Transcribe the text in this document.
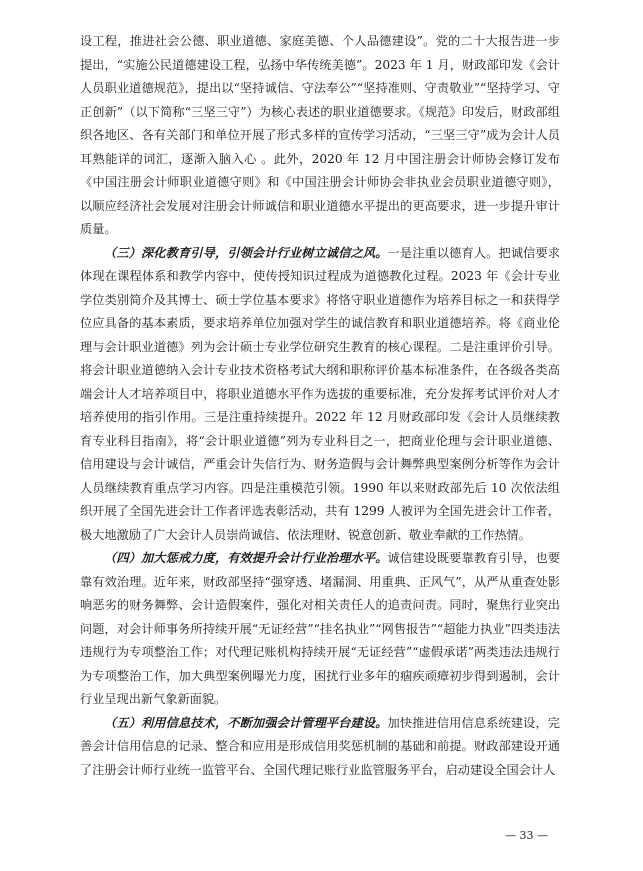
设工程，推进社会公德、职业道德、家庭美德、个人品德建设”。党的二十大报告进一步提出，“实施公民道德建设工程，弘扬中华传统美德”。2023 年 1 月，财政部印发《会计人员职业道德规范》，提出以“坚持诚信、守法奉公”“坚持准则、守责敬业”“坚持学习、守正创新”（以下简称“三坚三守”）为核心表述的职业道德要求。《规范》印发后，财政部组织各地区、各有关部门和单位开展了形式多样的宣传学习活动，“三坚三守”成为会计人员耳熟能详的词汇，逐渐入脑入心 。此外，2020 年 12 月中国注册会计师协会修订发布《中国注册会计师职业道德守则》和《中国注册会计师协会非执业会员职业道德守则》，以顺应经济社会发展对注册会计师诚信和职业道德水平提出的更高要求，进一步提升审计质量。

（三）深化教育引导，引领会计行业树立诚信之风。一是注重以德育人。把诚信要求体现在课程体系和教学内容中，使传授知识过程成为道德教化过程。2023 年《会计专业学位类别简介及其博士、硕士学位基本要求》将恪守职业道德作为培养目标之一和获得学位应具备的基本素质，要求培养单位加强对学生的诚信教育和职业道德培养。将《商业伦理与会计职业道德》列为会计硕士专业学位研究生教育的核心课程。二是注重评价引导。将会计职业道德纳入会计专业技术资格考试大纲和职称评价基本标准条件，在各级各类高端会计人才培养项目中，将职业道德水平作为选拔的重要标准，充分发挥考试评价对人才培养使用的指引作用。三是注重持续提升。2022 年 12 月财政部印发《会计人员继续教育专业科目指南》，将“会计职业道德”列为专业科目之一，把商业伦理与会计职业道德、信用建设与会计诚信，严重会计失信行为、财务造假与会计舞弊典型案例分析等作为会计人员继续教育重点学习内容。四是注重模范引领。1990 年以来财政部先后 10 次依法组织开展了全国先进会计工作者评选表彰活动，共有 1299 人被评为全国先进会计工作者，极大地激励了广大会计人员崇尚诚信、依法理财、锐意创新、敬业奉献的工作热情。

（四）加大惩戒力度，有效提升会计行业治理水平。诚信建设既要靠教育引导，也要靠有效治理。近年来，财政部坚持“强穿透、堵漏洞、用重典、正风气”，从严从重查处影响恶劣的财务舞弊、会计造假案件，强化对相关责任人的追责问责。同时，聚焦行业突出问题，对会计师事务所持续开展“无证经营”“挂名执业”“网售报告”“超能力执业”四类违法违规行为专项整治工作；对代理记账机构持续开展“无证经营”“虚假承诺”两类违法违规行为专项整治工作，加大典型案例曝光力度，困扰行业多年的痼疾顽瘴初步得到遏制，会计行业呈现出新气象新面貌。

（五）利用信息技术，不断加强会计管理平台建设。加快推进信用信息系统建设，完善会计信用信息的记录、整合和应用是形成信用奖惩机制的基础和前提。财政部建设开通了注册会计师行业统一监管平台、全国代理记账行业监管服务平台，启动建设全国会计人

— 33 —
